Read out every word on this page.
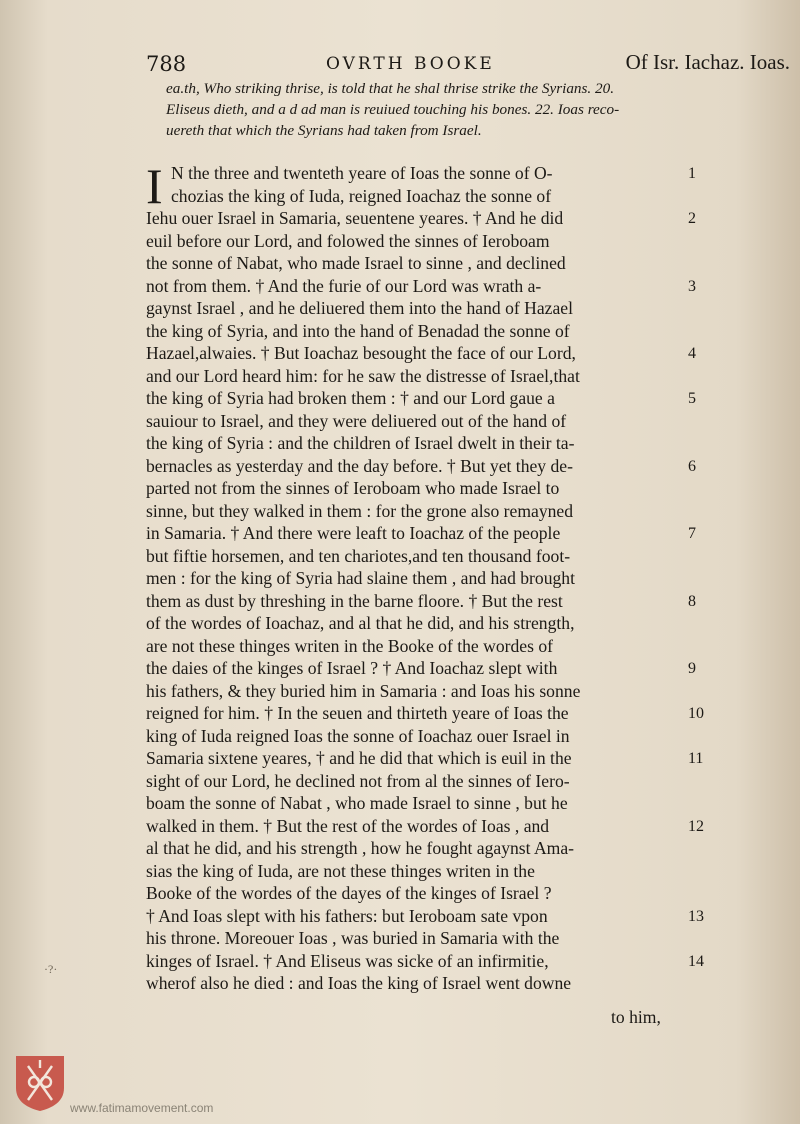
788	OVRTH BOOKE	Of Isr. Iachaz. Ioas.
ea.th, Who striking thrise, is told that he shal thrise strike the Syrians. 20.
Eliseus dieth, and a d ad man is reuiued touching his bones. 22. Ioas reco-
uereth that which the Syrians had taken from Israel.
I N the three and twenteth yeare of Ioas the sonne of O-
chozias the king of Iuda, reigned Ioachaz the sonne of
Iehu ouer Israel in Samaria, seuentene yeares. † And he did
euil before our Lord, and folowed the sinnes of Ieroboam
the sonne of Nabat, who made Israel to sinne , and declined
not from them. † And the furie of our Lord was wrath a-
gaynst Israel , and he deliuered them into the hand of Hazael
the king of Syria, and into the hand of Benadad the sonne of
Hazael,alwaies. † But Ioachaz besought the face of our Lord,
and our Lord heard him: for he saw the distresse of Israel,that
the king of Syria had broken them : † and our Lord gaue a
sauiour to Israel, and they were deliuered out of the hand of
the king of Syria : and the children of Israel dwelt in their ta-
bernacles as yesterday and the day before. † But yet they de-
parted not from the sinnes of Ieroboam who made Israel to
sinne, but they walked in them : for the grone also remayned
in Samaria. † And there were leaft to Ioachaz of the people
but fiftie horsemen, and ten chariotes,and ten thousand foot-
men : for the king of Syria had slaine them , and had brought
them as dust by threshing in the barne floore. † But the rest
of the wordes of Ioachaz, and al that he did, and his strength,
are not these thinges writen in the Booke of the wordes of
the daies of the kinges of Israel ? † And Ioachaz slept with
his fathers, & they buried him in Samaria : and Ioas his sonne
reigned for him. † In the seuen and thirteth yeare of Ioas the
king of Iuda reigned Ioas the sonne of Ioachaz ouer Israel in
Samaria sixtene yeares, † and he did that which is euil in the
sight of our Lord, he declined not from al the sinnes of Iero-
boam the sonne of Nabat , who made Israel to sinne , but he
walked in them. † But the rest of the wordes of Ioas , and
al that he did, and his strength , how he fought agaynst Ama-
sias the king of Iuda, are not these thinges writen in the
Booke of the wordes of the dayes of the kinges of Israel ?
† And Ioas slept with his fathers: but Ieroboam sate vpon
his throne. Moreouer Ioas , was buried in Samaria with the
kinges of Israel. † And Eliseus was sicke of an infirmitie,
wherof also he died : and Ioas the king of Israel went downe
1
2
3
4
5
6
7
8
9
10
11
12
13
14
to him,
·?·
www.fatimamovement.com
